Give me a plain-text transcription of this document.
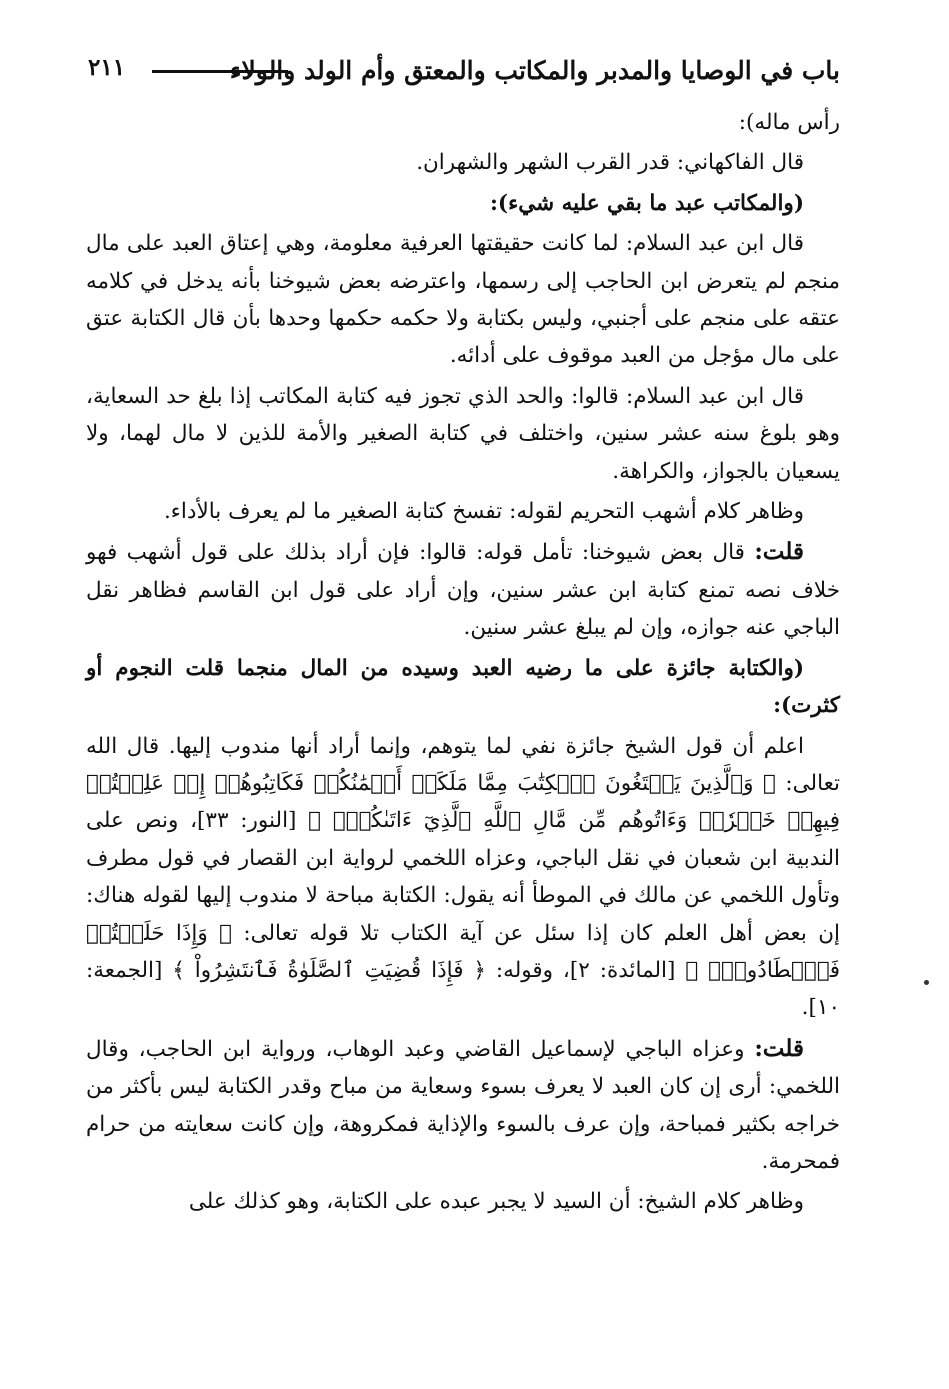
باب في الوصايا والمدبر والمكاتب والمعتق وأم الولد والولاء
٢١١

رأس ماله):

قال الفاكهاني: قدر القرب الشهر والشهران.

(والمكاتب عبد ما بقي عليه شيء):

قال ابن عبد السلام: لما كانت حقيقتها العرفية معلومة، وهي إعتاق العبد على مال منجم لم يتعرض ابن الحاجب إلى رسمها، واعترضه بعض شيوخنا بأنه يدخل في كلامه عتقه على منجم على أجنبي، وليس بكتابة ولا حكمه حكمها وحدها بأن قال الكتابة عتق على مال مؤجل من العبد موقوف على أدائه.

قال ابن عبد السلام: قالوا: والحد الذي تجوز فيه كتابة المكاتب إذا بلغ حد السعاية، وهو بلوغ سنه عشر سنين، واختلف في كتابة الصغير والأمة للذين لا مال لهما، ولا يسعيان بالجواز، والكراهة.

وظاهر كلام أشهب التحريم لقوله: تفسخ كتابة الصغير ما لم يعرف بالأداء.

قلت: قال بعض شيوخنا: تأمل قوله: قالوا: فإن أراد بذلك على قول أشهب فهو خلاف نصه تمنع كتابة ابن عشر سنين، وإن أراد على قول ابن القاسم فظاهر نقل الباجي عنه جوازه، وإن لم يبلغ عشر سنين.

(والكتابة جائزة على ما رضيه العبد وسيده من المال منجما قلت النجوم أو كثرت):

اعلم أن قول الشيخ جائزة نفي لما يتوهم، وإنما أراد أنها مندوب إليها. قال الله تعالى: ﴿ وَٱلَّذِينَ يَبۡتَغُونَ ٱلۡكِتَٰبَ مِمَّا مَلَكَتۡ أَيۡمَٰنُكُمۡ فَكَاتِبُوهُمۡ إِنۡ عَلِمۡتُمۡ فِيهِمۡ خَيۡرٗاۖ وَءَاتُوهُم مِّن مَّالِ ٱللَّهِ ٱلَّذِيٓ ءَاتَىٰكُمۡۚ ﴾ [النور: ٣٣]، ونص على الندبية ابن شعبان في نقل الباجي، وعزاه اللخمي لرواية ابن القصار في قول مطرف وتأول اللخمي عن مالك في الموطأ أنه يقول: الكتابة مباحة لا مندوب إليها لقوله هناك: إن بعض أهل العلم كان إذا سئل عن آية الكتاب تلا قوله تعالى: ﴿ وَإِذَا حَلَلۡتُمۡ فَٱصۡطَادُواْۚ ﴾ [المائدة: ٢]، وقوله: ﴿ فَإِذَا قُضِيَتِ ٱلصَّلَوٰةُ فَٱنتَشِرُواْ ﴾ [الجمعة: ١٠].

قلت: وعزاه الباجي لإسماعيل القاضي وعبد الوهاب، ورواية ابن الحاجب، وقال اللخمي: أرى إن كان العبد لا يعرف بسوء وسعاية من مباح وقدر الكتابة ليس بأكثر من خراجه بكثير فمباحة، وإن عرف بالسوء والإذاية فمكروهة، وإن كانت سعايته من حرام فمحرمة.

وظاهر كلام الشيخ: أن السيد لا يجبر عبده على الكتابة، وهو كذلك على
